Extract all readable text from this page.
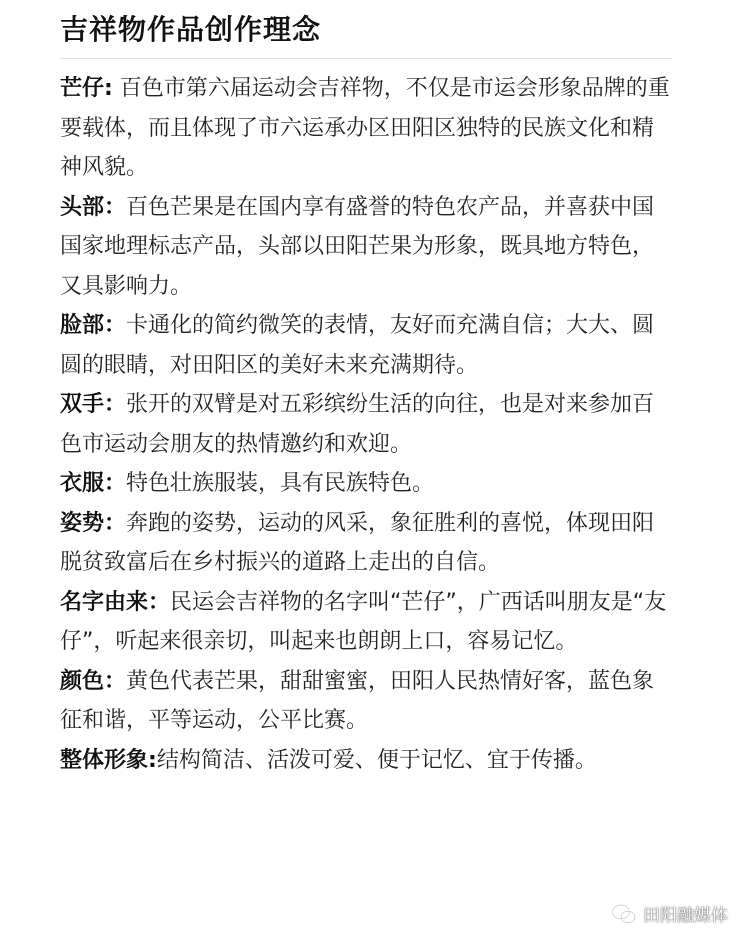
吉祥物作品创作理念
芒仔: 百色市第六届运动会吉祥物，不仅是市运会形象品牌的重要载体，而且体现了市六运承办区田阳区独特的民族文化和精神风貌。
头部：百色芒果是在国内享有盛誉的特色农产品，并喜获中国国家地理标志产品，头部以田阳芒果为形象，既具地方特色，又具影响力。
脸部：卡通化的简约微笑的表情，友好而充满自信；大大、圆圆的眼睛，对田阳区的美好未来充满期待。
双手：张开的双臂是对五彩缤纷生活的向往，也是对来参加百色市运动会朋友的热情邀约和欢迎。
衣服：特色壮族服装，具有民族特色。
姿势：奔跑的姿势，运动的风采，象征胜利的喜悦，体现田阳脱贫致富后在乡村振兴的道路上走出的自信。
名字由来：民运会吉祥物的名字叫“芒仔”，广西话叫朋友是“友仔”，听起来很亲切，叫起来也朗朗上口，容易记忆。
颜色：黄色代表芒果，甜甜蜜蜜，田阳人民热情好客，蓝色象征和谐，平等运动，公平比赛。
整体形象:结构简洁、活泼可爱、便于记忆、宜于传播。
田阳融媒体
